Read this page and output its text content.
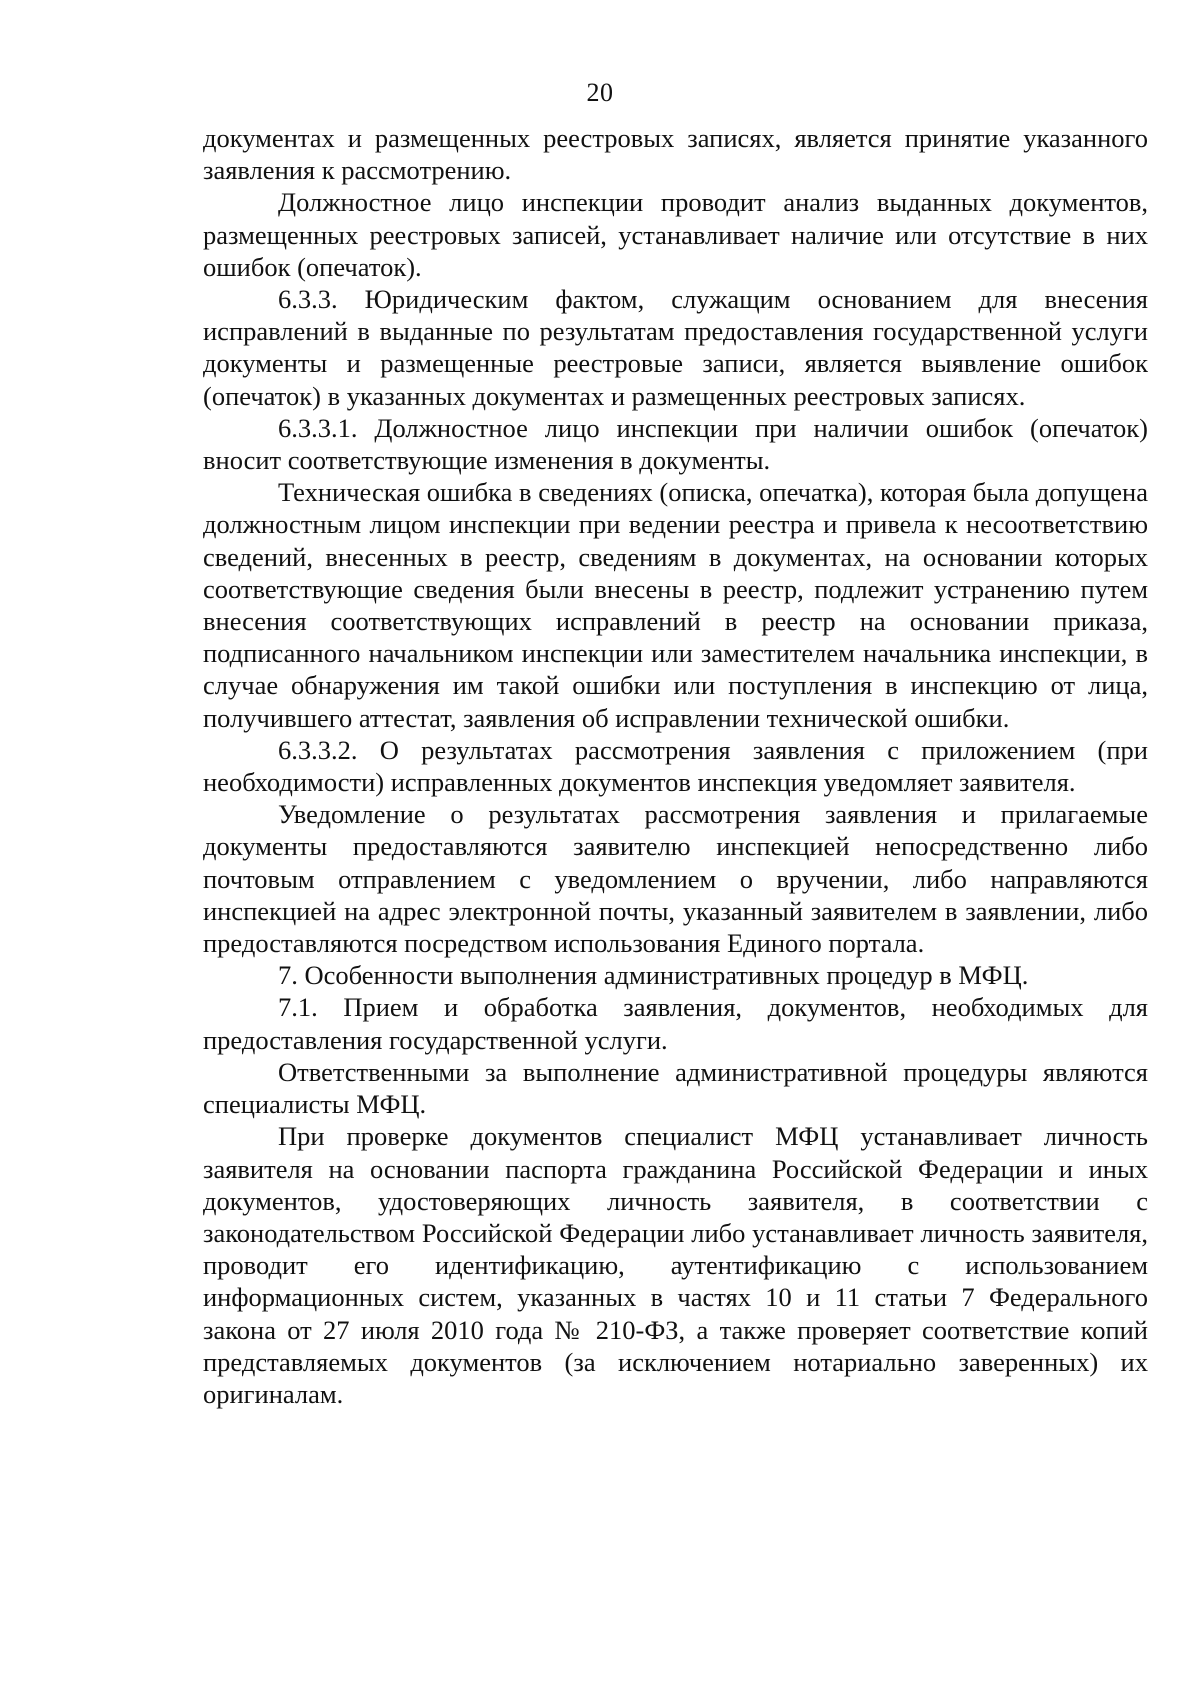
20

документах и размещенных реестровых записях, является принятие указанного заявления к рассмотрению.

Должностное лицо инспекции проводит анализ выданных документов, размещенных реестровых записей, устанавливает наличие или отсутствие в них ошибок (опечаток).

6.3.3. Юридическим фактом, служащим основанием для внесения исправлений в выданные по результатам предоставления государственной услуги документы и размещенные реестровые записи, является выявление ошибок (опечаток) в указанных документах и размещенных реестровых записях.

6.3.3.1. Должностное лицо инспекции при наличии ошибок (опечаток) вносит соответствующие изменения в документы.

Техническая ошибка в сведениях (описка, опечатка), которая была допущена должностным лицом инспекции при ведении реестра и привела к несоответствию сведений, внесенных в реестр, сведениям в документах, на основании которых соответствующие сведения были внесены в реестр, подлежит устранению путем внесения соответствующих исправлений в реестр на основании приказа, подписанного начальником инспекции или заместителем начальника инспекции, в случае обнаружения им такой ошибки или поступления в инспекцию от лица, получившего аттестат, заявления об исправлении технической ошибки.

6.3.3.2. О результатах рассмотрения заявления с приложением (при необходимости) исправленных документов инспекция уведомляет заявителя.

Уведомление о результатах рассмотрения заявления и прилагаемые документы предоставляются заявителю инспекцией непосредственно либо почтовым отправлением с уведомлением о вручении, либо направляются инспекцией на адрес электронной почты, указанный заявителем в заявлении, либо предоставляются посредством использования Единого портала.

7. Особенности выполнения административных процедур в МФЦ.

7.1. Прием и обработка заявления, документов, необходимых для предоставления государственной услуги.

Ответственными за выполнение административной процедуры являются специалисты МФЦ.

При проверке документов специалист МФЦ устанавливает личность заявителя на основании паспорта гражданина Российской Федерации и иных документов, удостоверяющих личность заявителя, в соответствии с законодательством Российской Федерации либо устанавливает личность заявителя, проводит его идентификацию, аутентификацию с использованием информационных систем, указанных в частях 10 и 11 статьи 7 Федерального закона от 27 июля 2010 года № 210-ФЗ, а также проверяет соответствие копий представляемых документов (за исключением нотариально заверенных) их оригиналам.
